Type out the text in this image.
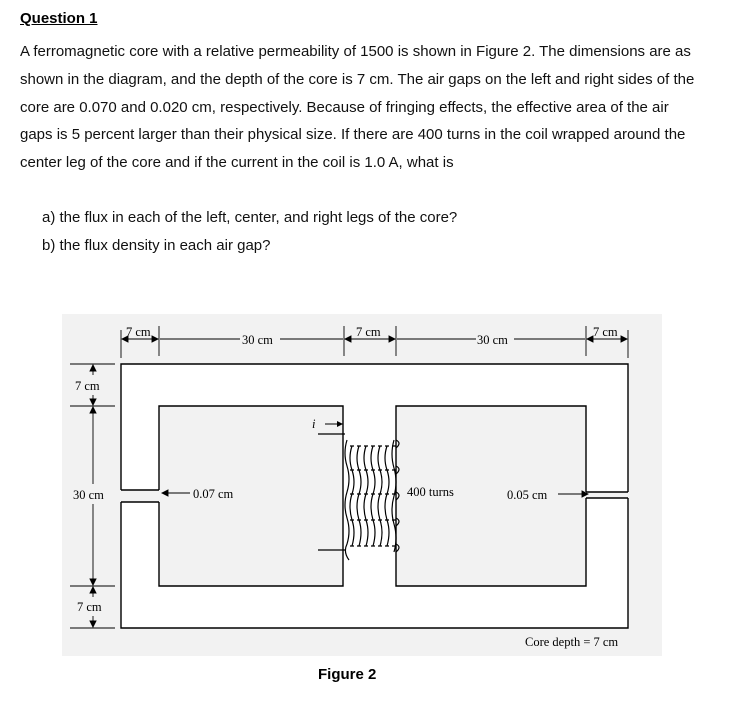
Question 1
A ferromagnetic core with a relative permeability of 1500 is shown in Figure 2. The dimensions are as shown in the diagram, and the depth of the core is 7 cm. The air gaps on the left and right sides of the core are 0.070 and 0.020 cm, respectively. Because of fringing effects, the effective area of the air gaps is 5 percent larger than their physical size. If there are 400 turns in the coil wrapped around the center leg of the core and if the current in the coil is 1.0 A, what is
a) the flux in each of the left, center, and right legs of the core?
b) the flux density in each air gap?
i
7 cm
30 cm
7 cm
30 cm
7 cm
7 cm
30 cm
7 cm
0.07 cm	0.05 cm
400 turns
Core depth = 7 cm
Figure 2
